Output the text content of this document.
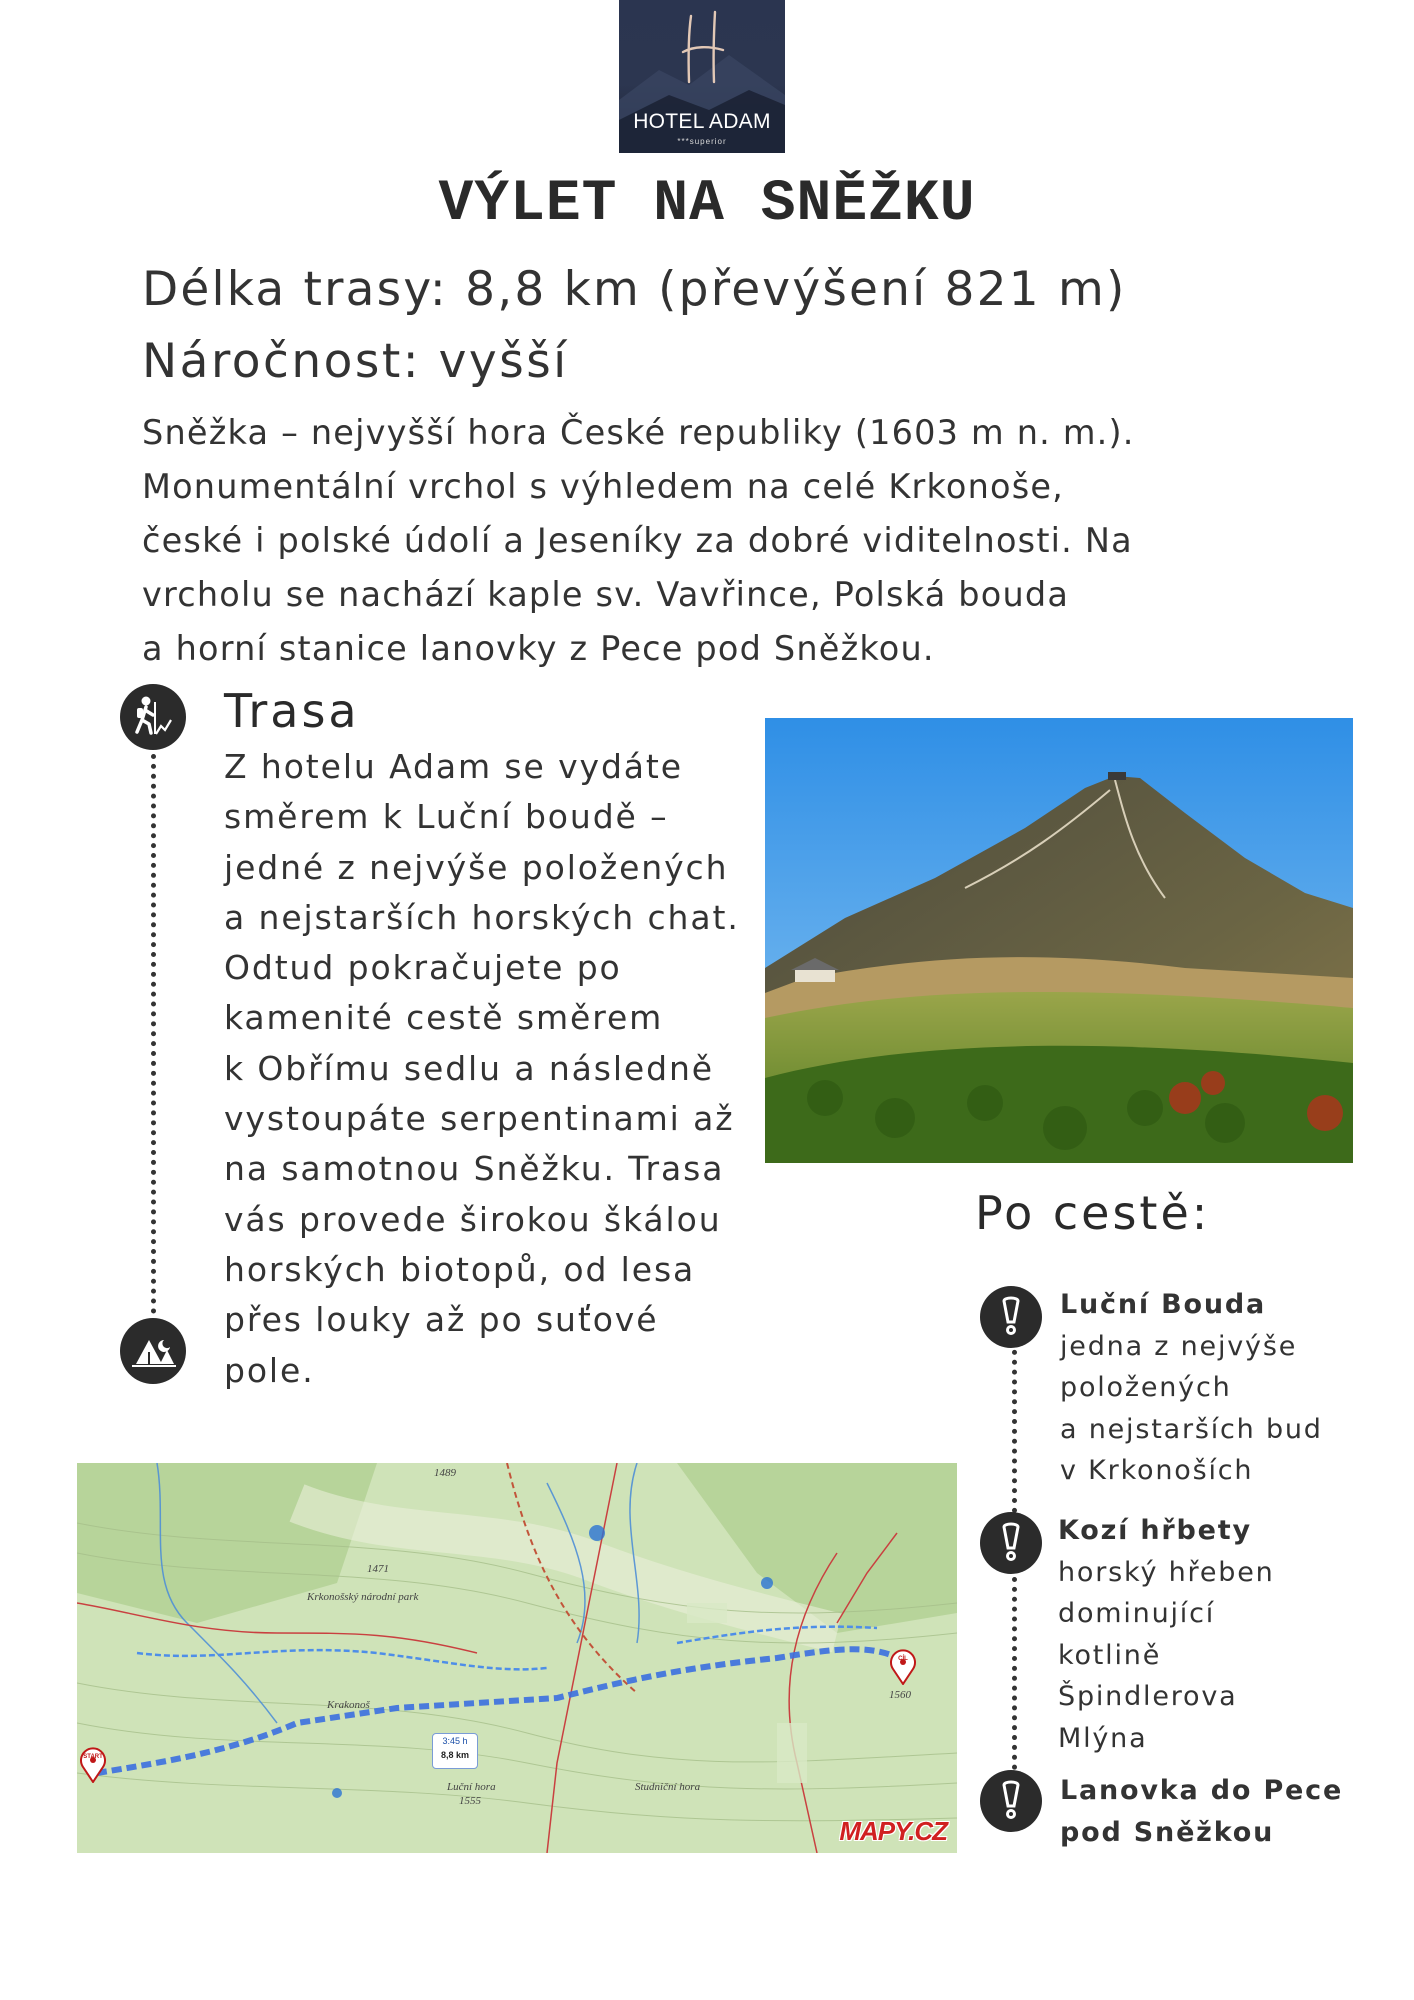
HOTEL ADAM
***superior
VÝLET NA SNĚŽKU
Délka trasy: 8,8 km (převýšení 821 m)
Náročnost: vyšší
Sněžka – nejvyšší hora České republiky (1603 m n. m.).
Monumentální vrchol s výhledem na celé Krkonoše,
české i polské údolí a Jeseníky za dobré viditelnosti. Na
vrcholu se nachází kaple sv. Vavřince, Polská bouda
a horní stanice lanovky z Pece pod Sněžkou.
Trasa
Z hotelu Adam se vydáte
směrem k Luční boudě –
jedné z nejvýše položených
a nejstarších horských chat.
Odtud pokračujete po
kamenité cestě směrem
k Obřímu sedlu a následně
vystoupáte serpentinami až
na samotnou Sněžku. Trasa
vás provede širokou škálou
horských biotopů, od lesa
přes louky až po suťové
pole.
Po cestě:
Luční Bouda
jedna z nejvýše
položených
a nejstarších bud
v Krkonoších
Kozí hřbety
horský hřeben
dominující
kotlině
Špindlerova
Mlýna
Lanovka do Pece
pod Sněžkou
Krkonošský národní park
Luční hora	Studniční hora
Krakonoš
1555
1489
1471
1560
3:45 h
8,8 km
START
CÍL
MAPY.CZ
